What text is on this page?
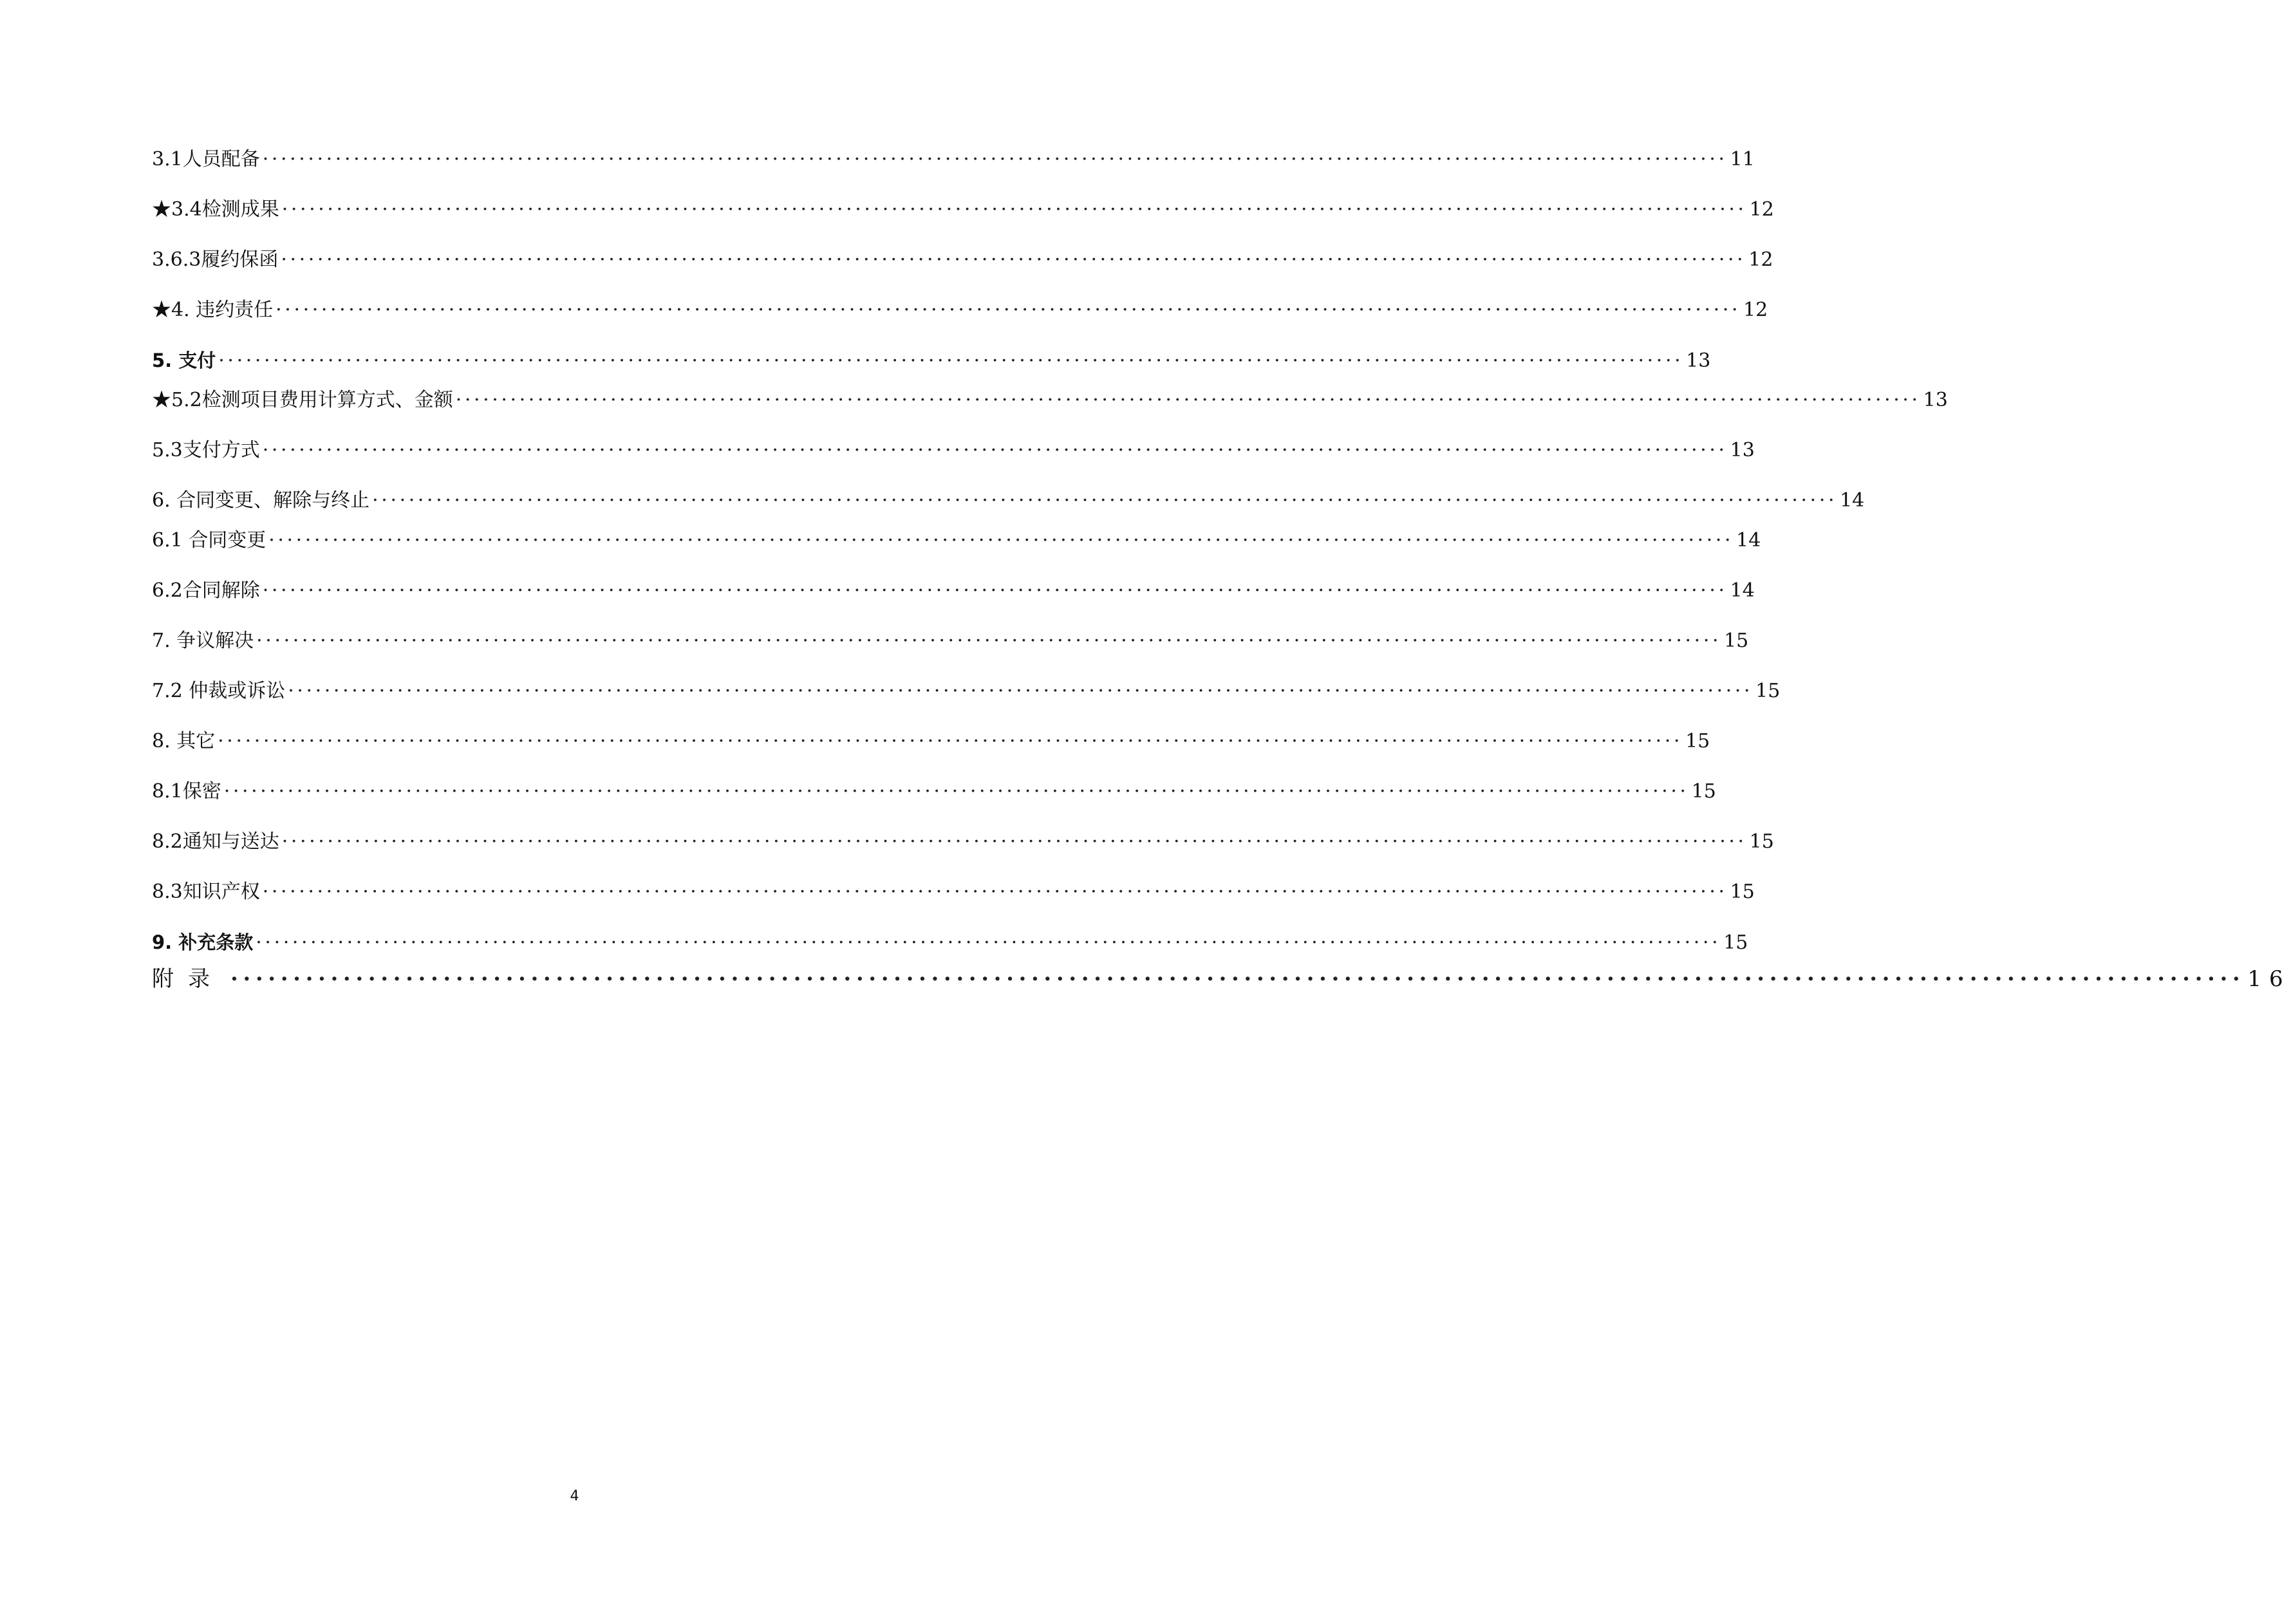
3.1人员配备 ································································································································································· 11
★3.4检测成果 ································································································································································· 12
3.6.3履约保函 ································································································································································· 12
★4. 违约责任 ································································································································································· 12
5. 支付 ································································································································································· 13
★5.2检测项目费用计算方式、金额 ································································································································································· 13
5.3支付方式 ································································································································································· 13
6. 合同变更、解除与终止 ································································································································································· 14
6.1 合同变更 ································································································································································· 14
6.2合同解除 ································································································································································· 14
7. 争议解决 ································································································································································· 15
7.2 仲裁或诉讼 ································································································································································· 15
8. 其它 ································································································································································· 15
8.1保密 ································································································································································· 15
8.2通知与送达 ································································································································································· 15
8.3知识产权 ································································································································································· 15
9. 补充条款 ································································································································································· 15
附录 ································································································································································· 16
4
